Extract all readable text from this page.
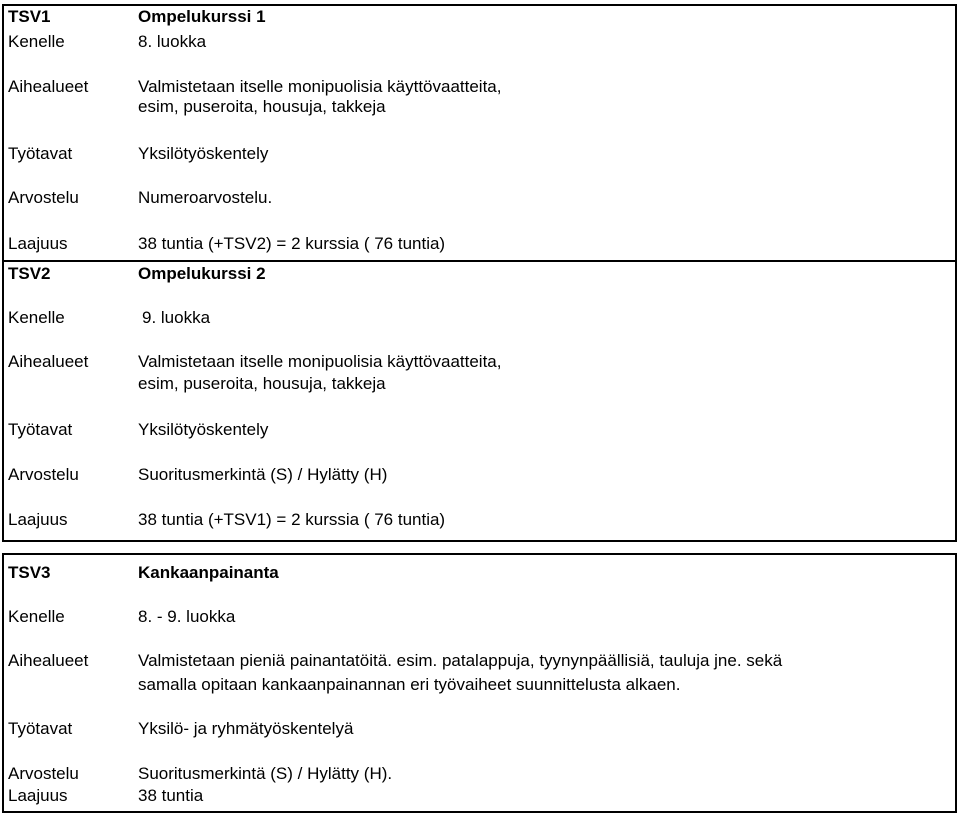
TSV1	Ompelukurssi 1
Kenelle	8. luokka
Aihealueet	Valmistetaan itselle monipuolisia käyttövaatteita,
esim, puseroita, housuja, takkeja
Työtavat	Yksilötyöskentely
Arvostelu	Numeroarvostelu.
Laajuus	38 tuntia (+TSV2) = 2 kurssia ( 76 tuntia)
TSV2	Ompelukurssi 2
Kenelle	9. luokka
Aihealueet	Valmistetaan itselle monipuolisia käyttövaatteita,
esim, puseroita, housuja, takkeja
Työtavat	Yksilötyöskentely
Arvostelu	Suoritusmerkintä (S) / Hylätty (H)
Laajuus	38 tuntia (+TSV1) = 2 kurssia ( 76 tuntia)
TSV3	Kankaanpainanta
Kenelle	8. - 9. luokka
Aihealueet	Valmistetaan pieniä painantatöitä. esim. patalappuja, tyynynpäällisiä, tauluja jne. sekä
samalla opitaan kankaanpainannan eri työvaiheet suunnittelusta alkaen.
Työtavat	Yksilö- ja ryhmätyöskentelyä
Arvostelu	Suoritusmerkintä (S) / Hylätty (H).
Laajuus	38 tuntia
